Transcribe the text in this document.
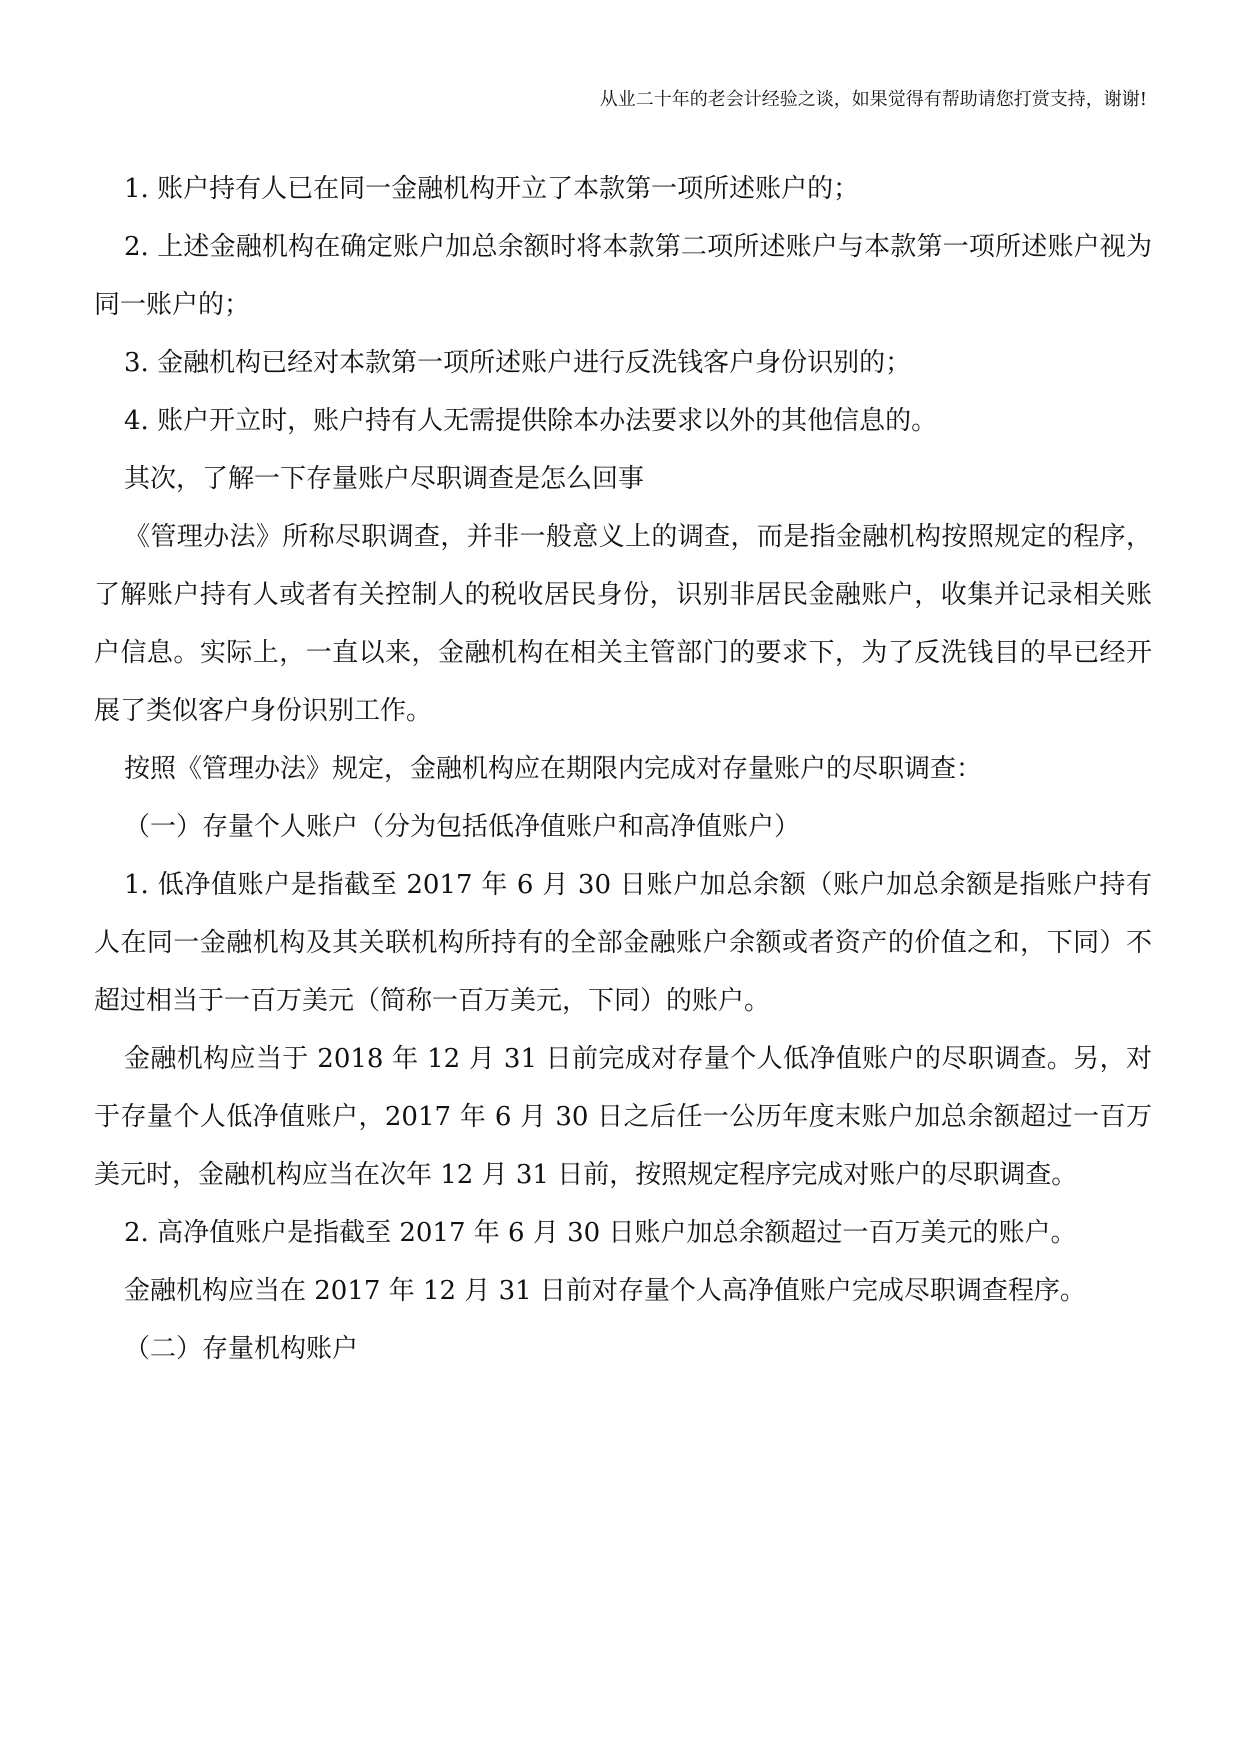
从业二十年的老会计经验之谈，如果觉得有帮助请您打赏支持，谢谢!

1. 账户持有人已在同一金融机构开立了本款第一项所述账户的；

2. 上述金融机构在确定账户加总余额时将本款第二项所述账户与本款第一项所述账户视为同一账户的；

3. 金融机构已经对本款第一项所述账户进行反洗钱客户身份识别的；

4. 账户开立时，账户持有人无需提供除本办法要求以外的其他信息的。

其次，了解一下存量账户尽职调查是怎么回事

《管理办法》所称尽职调查，并非一般意义上的调查，而是指金融机构按照规定的程序，了解账户持有人或者有关控制人的税收居民身份，识别非居民金融账户，收集并记录相关账户信息。实际上，一直以来，金融机构在相关主管部门的要求下，为了反洗钱目的早已经开展了类似客户身份识别工作。

按照《管理办法》规定，金融机构应在期限内完成对存量账户的尽职调查：

（一）存量个人账户（分为包括低净值账户和高净值账户）

1. 低净值账户是指截至 2017 年 6 月 30 日账户加总余额（账户加总余额是指账户持有人在同一金融机构及其关联机构所持有的全部金融账户余额或者资产的价值之和，下同）不超过相当于一百万美元（简称一百万美元，下同）的账户。

金融机构应当于 2018 年 12 月 31 日前完成对存量个人低净值账户的尽职调查。另，对于存量个人低净值账户，2017 年 6 月 30 日之后任一公历年度末账户加总余额超过一百万美元时，金融机构应当在次年 12 月 31 日前，按照规定程序完成对账户的尽职调查。

2. 高净值账户是指截至 2017 年 6 月 30 日账户加总余额超过一百万美元的账户。

金融机构应当在 2017 年 12 月 31 日前对存量个人高净值账户完成尽职调查程序。

（二）存量机构账户
